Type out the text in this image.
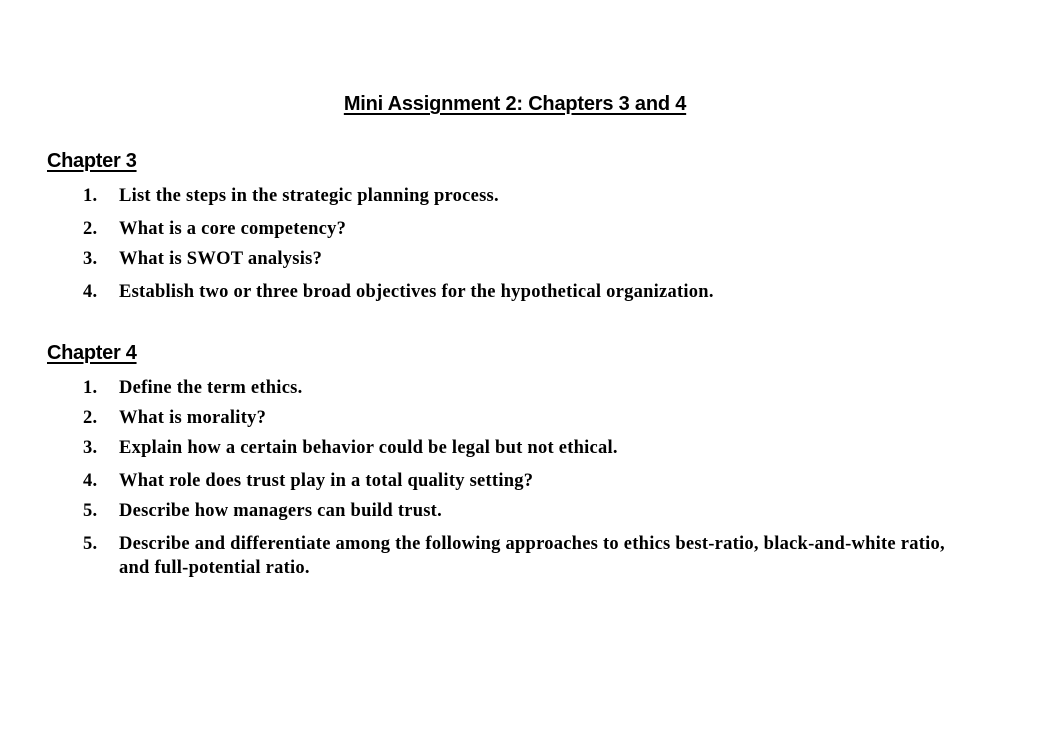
Mini Assignment 2: Chapters 3 and 4
Chapter 3
1. List the steps in the strategic planning process.
2. What is a core competency?
3. What is SWOT analysis?
4. Establish two or three broad objectives for the hypothetical organization.
Chapter 4
1. Define the term ethics.
2. What is morality?
3. Explain how a certain behavior could be legal but not ethical.
4. What role does trust play in a total quality setting?
5. Describe how managers can build trust.
5. Describe and differentiate among the following approaches to ethics best-ratio, black-and-white ratio, and full-potential ratio.
